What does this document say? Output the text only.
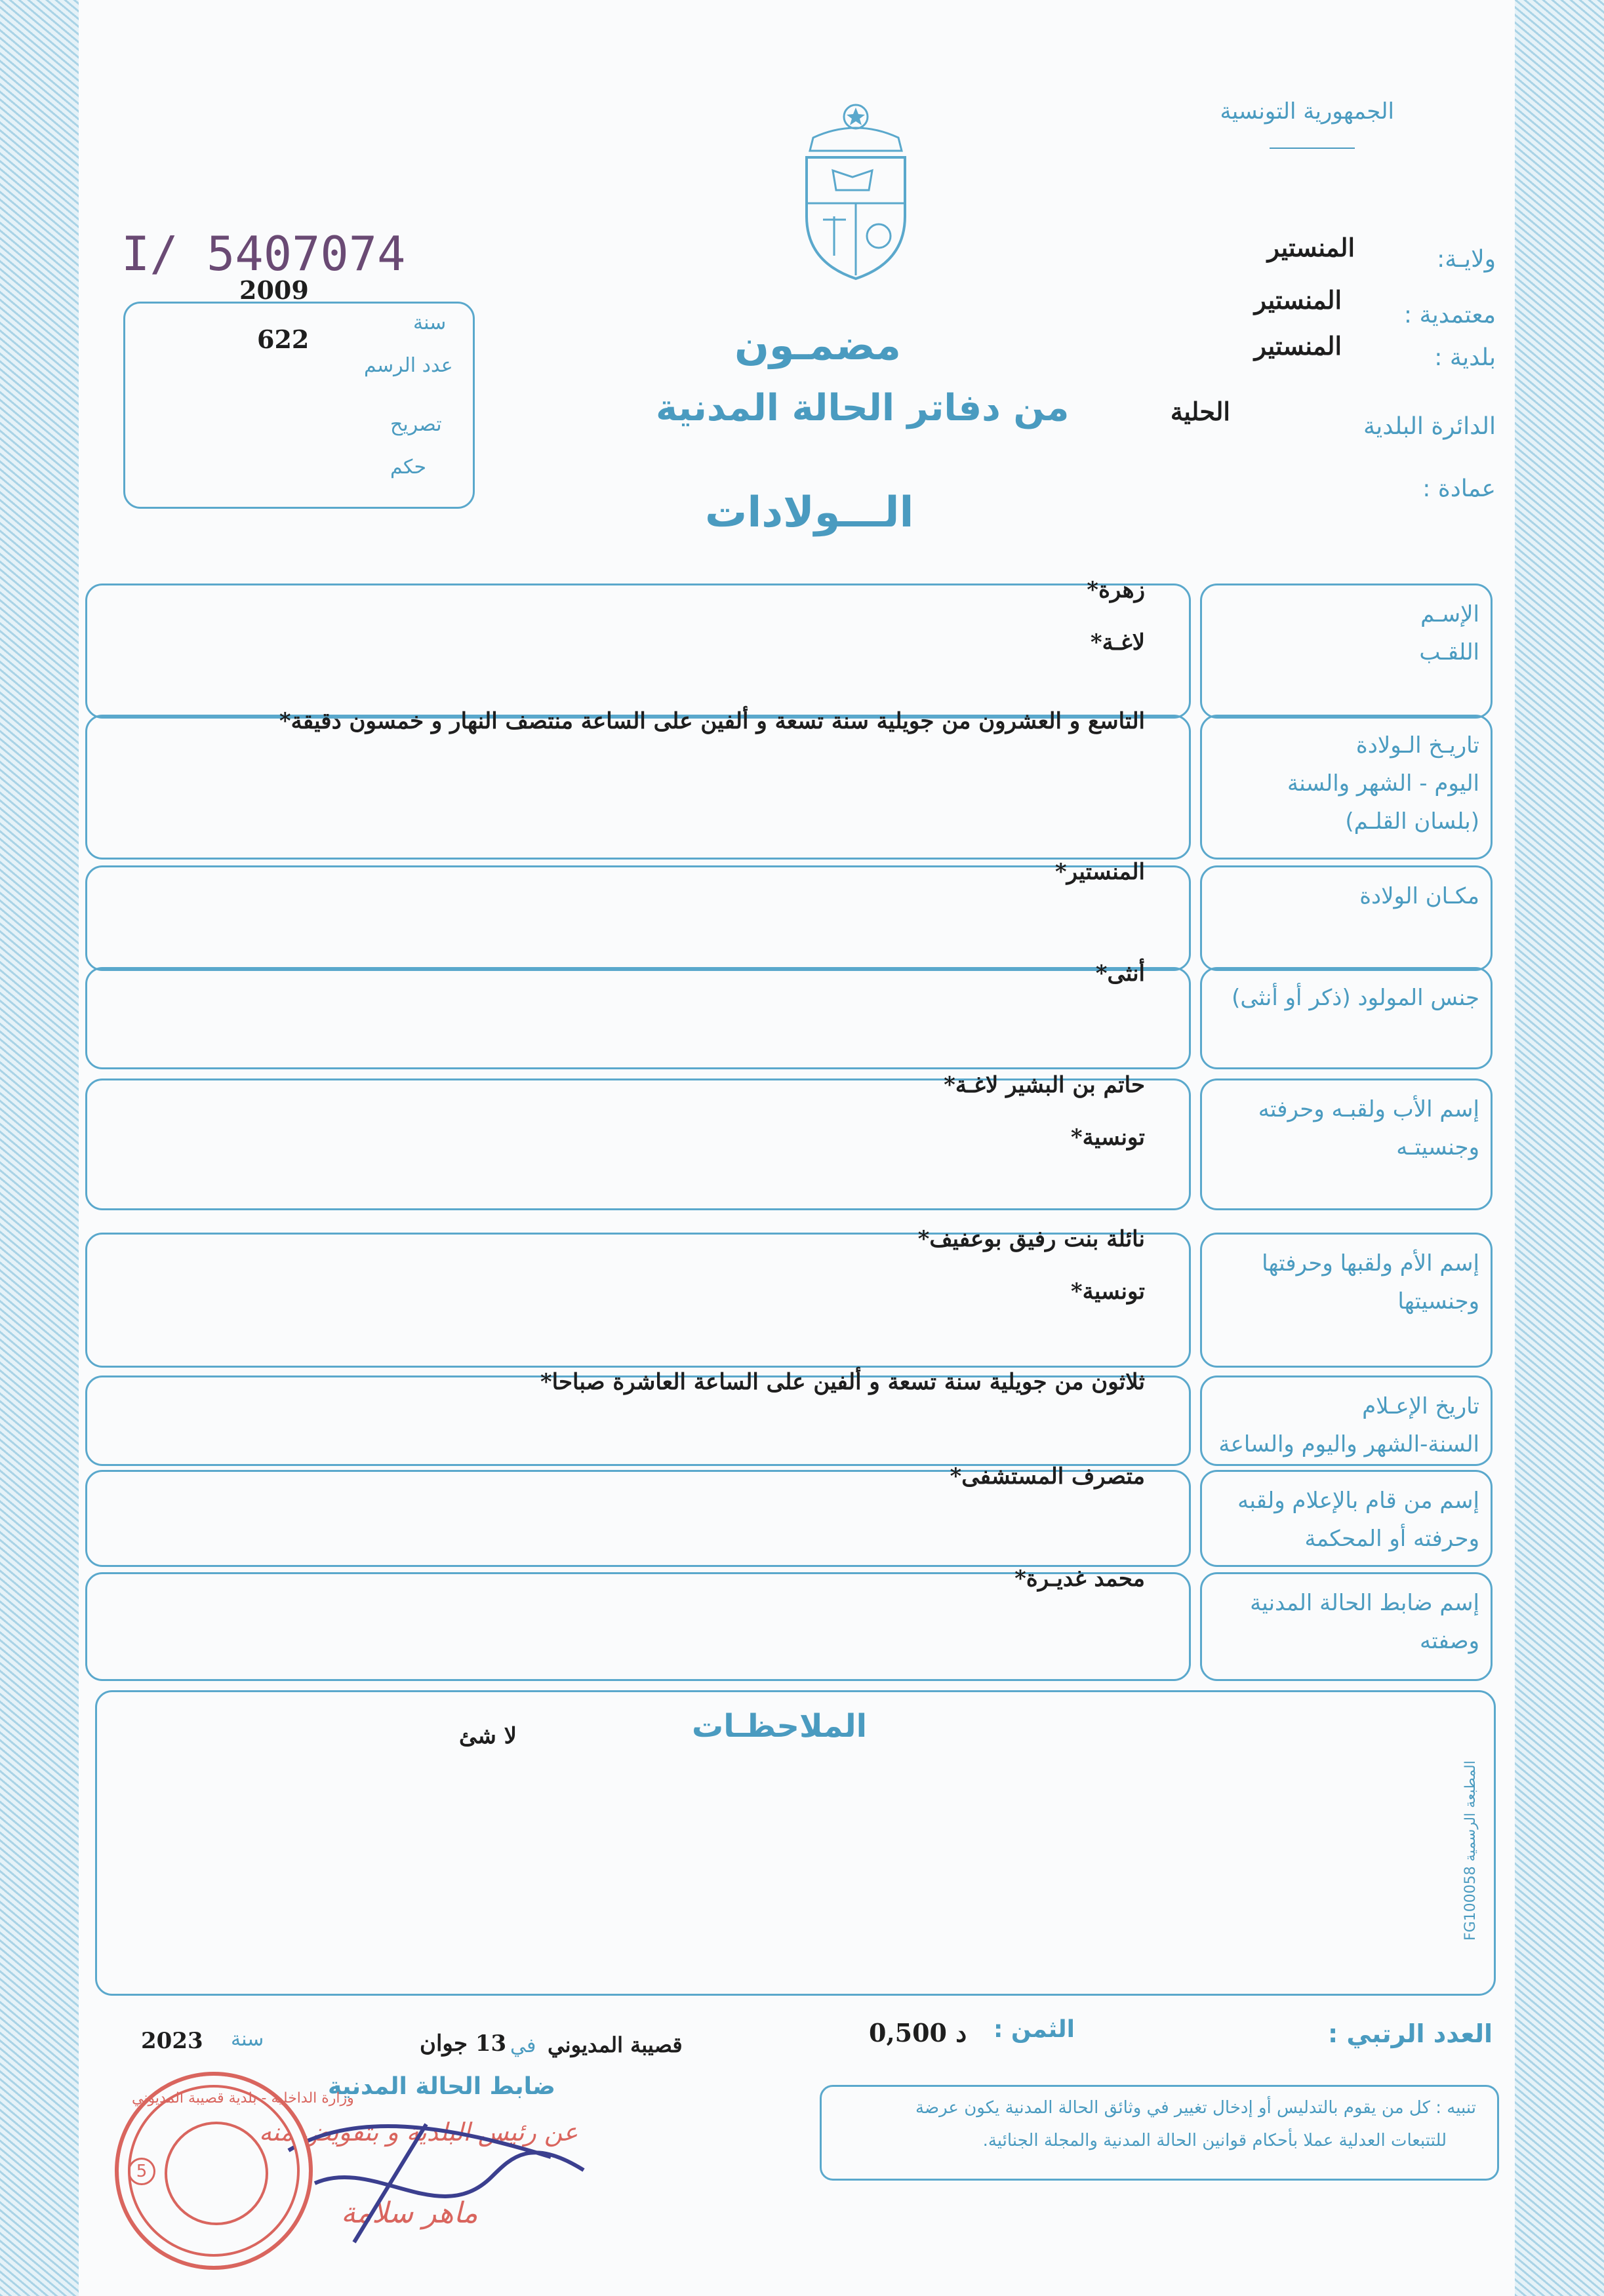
الجمهورية التونسية
I/ 5407074
2009
622
سنة
عدد الرسم
تصريح
حكم
مضمـون
من دفاتر الحالة المدنية
الـــولادات
ولايـة:
المنستير
معتمدية :
المنستير
بلدية :
المنستير
الدائرة البلدية
الحلية
عمادة :
الإسـم
اللقـب
زهرة*
لاغـة*
تاريـخ الـولادة
اليوم - الشهر والسنة
(بلسان القلـم)
التاسع و العشرون من جويلية سنة تسعة و ألفين على الساعة منتصف النهار و خمسون دقيقة*
مكـان الولادة
المنستير*
جنس المولود (ذكر أو أنثى)
أنثى*
إسم الأب ولقبـه وحرفته
وجنسيتـه
حاتم بن البشير لاغـة*
تونسية*
إسم الأم ولقبها وحرفتها
وجنسيتها
نائلة بنت رفيق بوعفيف*
تونسية*
تاريخ الإعـلام
السنة-الشهر واليوم والساعة
ثلاثون من جويلية سنة تسعة و ألفين على الساعة العاشرة صباحا*
إسم من قام بالإعلام ولقبه
وحرفته أو المحكمة
متصرف المستشفى*
إسم ضابط الحالة المدنية
وصفته
محمد غديـرة*
الملاحظـات
لا شئ
المطبعة الرسمية FG100058
العدد الرتبي :
الثمن :
0,500 د
قصيبة المديوني
في
13 جوان
سنة
2023
ضابط الحالة المدنية
عن رئيس البلدية و بتفويض منه
ماهر سلامة
وزارة الداخلية - بلدية قصيبة المديوني
5
تنبيه : كل من يقوم بالتدليس أو إدخال تغيير في وثائق الحالة المدنية يكون عرضة
للتتبعات العدلية عملا بأحكام قوانين الحالة المدنية والمجلة الجنائية.
